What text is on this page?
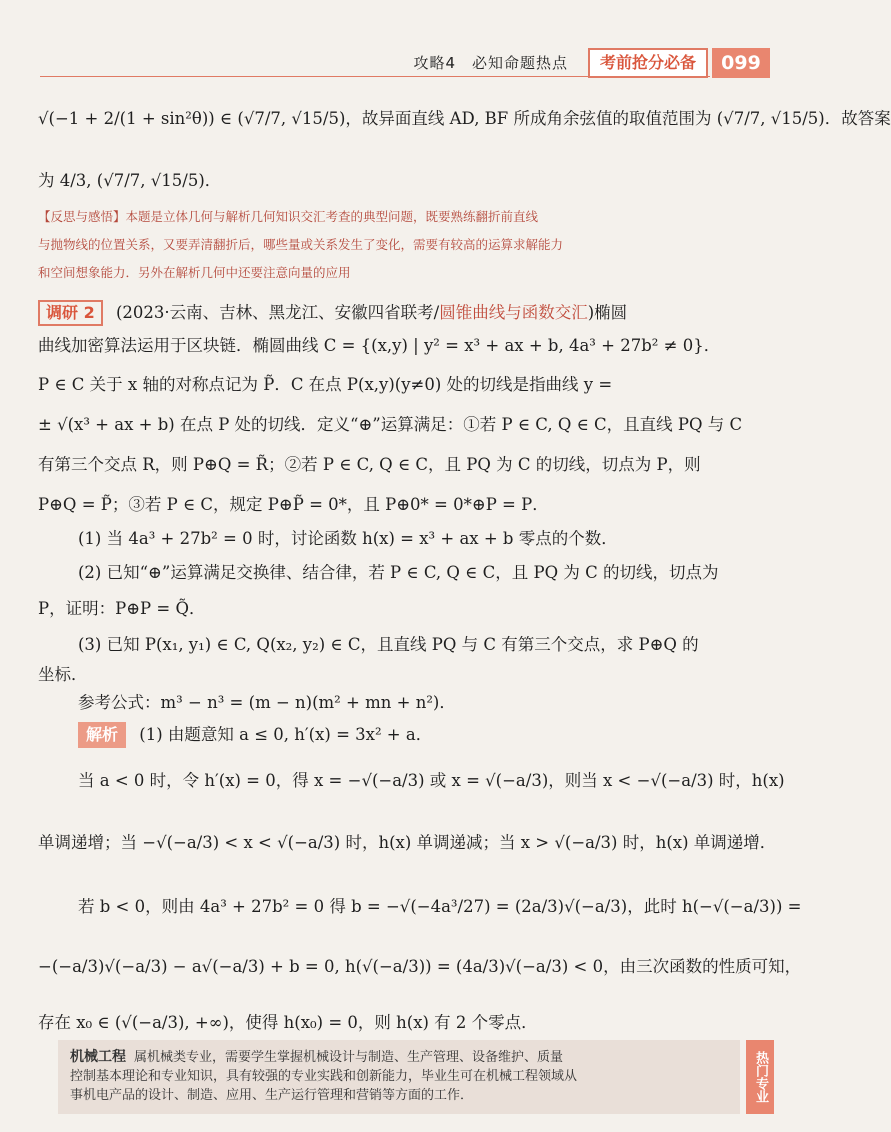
攻略4　必知命题热点	考前抢分必备	099
√(−1 + 2/(1 + sin²θ)) ∈ (√7/7, √15/5)，故异面直线 AD, BF 所成角余弦值的取值范围为 (√7/7, √15/5)．故答案
为 4/3, (√7/7, √15/5)．
【反思与感悟】本题是立体几何与解析几何知识交汇考查的典型问题，既要熟练翻折前直线
与抛物线的位置关系，又要弄清翻折后，哪些量或关系发生了变化，需要有较高的运算求解能力
和空间想象能力．另外在解析几何中还要注意向量的应用
调研 2 (2023·云南、吉林、黑龙江、安徽四省联考/圆锥曲线与函数交汇)椭圆
曲线加密算法运用于区块链．椭圆曲线 C = {(x,y) | y² = x³ + ax + b, 4a³ + 27b² ≠ 0}．
P ∈ C 关于 x 轴的对称点记为 P̃．C 在点 P(x,y)(y≠0) 处的切线是指曲线 y =
± √(x³ + ax + b) 在点 P 处的切线．定义“⊕”运算满足：①若 P ∈ C, Q ∈ C，且直线 PQ 与 C
有第三个交点 R，则 P⊕Q = R̃；②若 P ∈ C, Q ∈ C，且 PQ 为 C 的切线，切点为 P，则
P⊕Q = P̃；③若 P ∈ C，规定 P⊕P̃ = 0*，且 P⊕0* = 0*⊕P = P．
(1) 当 4a³ + 27b² = 0 时，讨论函数 h(x) = x³ + ax + b 零点的个数．
(2) 已知“⊕”运算满足交换律、结合律，若 P ∈ C, Q ∈ C，且 PQ 为 C 的切线，切点为
P，证明：P⊕P = Q̃．
(3) 已知 P(x₁, y₁) ∈ C, Q(x₂, y₂) ∈ C，且直线 PQ 与 C 有第三个交点，求 P⊕Q 的
坐标．
参考公式：m³ − n³ = (m − n)(m² + mn + n²)．
解析 (1) 由题意知 a ≤ 0, h′(x) = 3x² + a．
当 a < 0 时，令 h′(x) = 0，得 x = −√(−a/3) 或 x = √(−a/3)，则当 x < −√(−a/3) 时，h(x)
单调递增；当 −√(−a/3) < x < √(−a/3) 时，h(x) 单调递减；当 x > √(−a/3) 时，h(x) 单调递增．
若 b < 0，则由 4a³ + 27b² = 0 得 b = −√(−4a³/27) = (2a/3)√(−a/3)，此时 h(−√(−a/3)) =
−(−a/3)√(−a/3) − a√(−a/3) + b = 0, h(√(−a/3)) = (4a/3)√(−a/3) < 0，由三次函数的性质可知，
存在 x₀ ∈ (√(−a/3), +∞)，使得 h(x₀) = 0，则 h(x) 有 2 个零点．
机械工程 属机械类专业，需要学生掌握机械设计与制造、生产管理、设备维护、质量
控制基本理论和专业知识，具有较强的专业实践和创新能力，毕业生可在机械工程领域从
事机电产品的设计、制造、应用、生产运行管理和营销等方面的工作．	热门专业
